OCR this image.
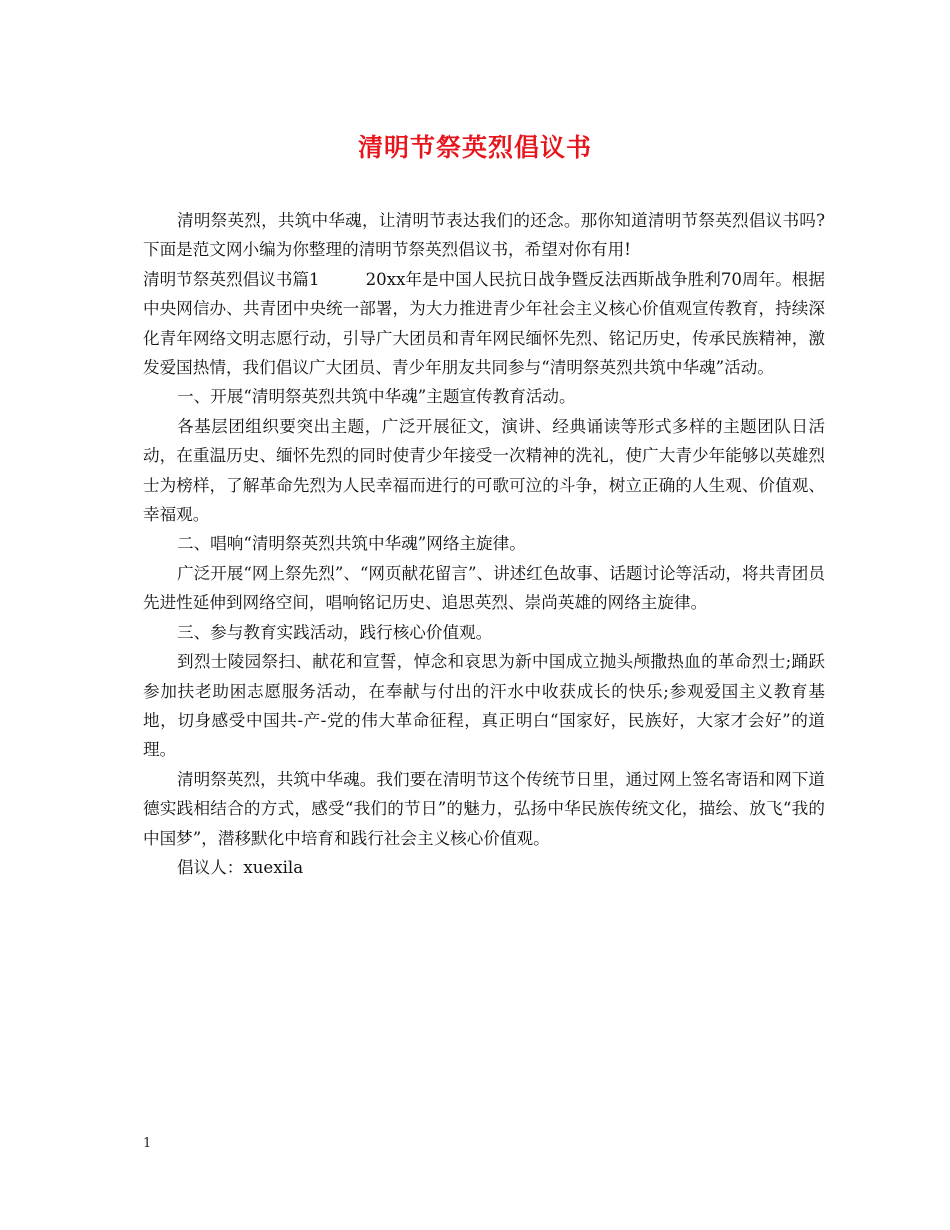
清明节祭英烈倡议书

清明祭英烈，共筑中华魂，让清明节表达我们的还念。那你知道清明节祭英烈倡议书吗?下面是范文网小编为你整理的清明节祭英烈倡议书，希望对你有用!

清明节祭英烈倡议书篇1	20xx年是中国人民抗日战争暨反法西斯战争胜利70周年。根据中央网信办、共青团中央统一部署，为大力推进青少年社会主义核心价值观宣传教育，持续深化青年网络文明志愿行动，引导广大团员和青年网民缅怀先烈、铭记历史，传承民族精神，激发爱国热情，我们倡议广大团员、青少年朋友共同参与“清明祭英烈共筑中华魂”活动。

一、开展“清明祭英烈共筑中华魂”主题宣传教育活动。

各基层团组织要突出主题，广泛开展征文，演讲、经典诵读等形式多样的主题团队日活动，在重温历史、缅怀先烈的同时使青少年接受一次精神的洗礼，使广大青少年能够以英雄烈士为榜样，了解革命先烈为人民幸福而进行的可歌可泣的斗争，树立正确的人生观、价值观、幸福观。

二、唱响“清明祭英烈共筑中华魂”网络主旋律。

广泛开展“网上祭先烈”、“网页献花留言”、讲述红色故事、话题讨论等活动，将共青团员先进性延伸到网络空间，唱响铭记历史、追思英烈、崇尚英雄的网络主旋律。

三、参与教育实践活动，践行核心价值观。

到烈士陵园祭扫、献花和宣誓，悼念和哀思为新中国成立抛头颅撒热血的革命烈士;踊跃参加扶老助困志愿服务活动，在奉献与付出的汗水中收获成长的快乐;参观爱国主义教育基地，切身感受中国共-产-党的伟大革命征程，真正明白“国家好，民族好，大家才会好”的道理。

清明祭英烈，共筑中华魂。我们要在清明节这个传统节日里，通过网上签名寄语和网下道德实践相结合的方式，感受“我们的节日”的魅力，弘扬中华民族传统文化，描绘、放飞“我的中国梦”，潜移默化中培育和践行社会主义核心价值观。

倡议人：xuexila

1
